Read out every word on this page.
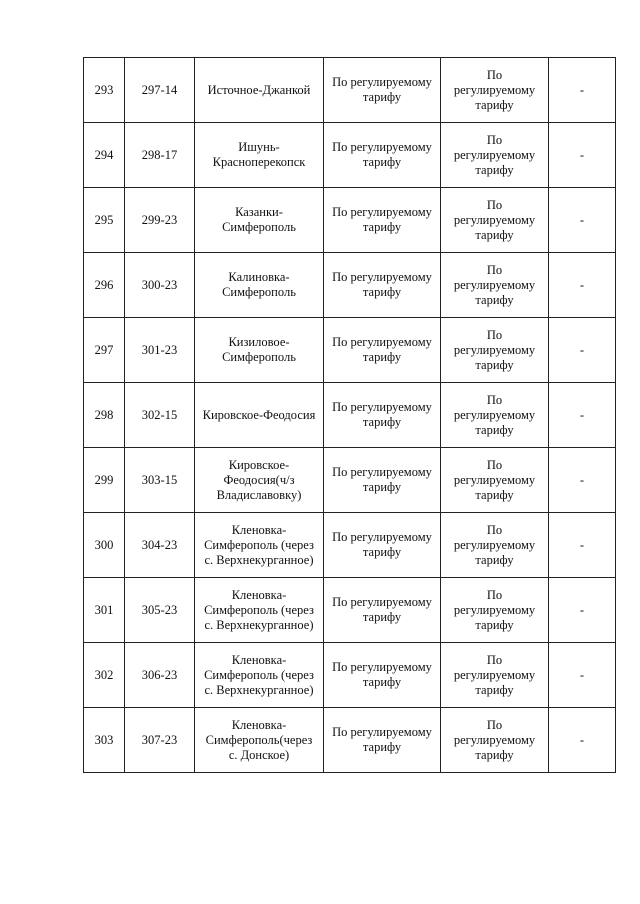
293	297-14	Источное-Джанкой	По регулируемому
тарифу	По
регулируемому
тарифу	-
294	298-17	Ишунь-
Красноперекопск	По регулируемому
тарифу	По
регулируемому
тарифу	-
295	299-23	Казанки-
Симферополь	По регулируемому
тарифу	По
регулируемому
тарифу	-
296	300-23	Калиновка-
Симферополь	По регулируемому
тарифу	По
регулируемому
тарифу	-
297	301-23	Кизиловое-
Симферополь	По регулируемому
тарифу	По
регулируемому
тарифу	-
298	302-15	Кировское-Феодосия	По регулируемому
тарифу	По
регулируемому
тарифу	-
299	303-15	Кировское-
Феодосия(ч/з
Владиславовку)	По регулируемому
тарифу	По
регулируемому
тарифу	-
300	304-23	Кленовка-
Симферополь (через
с. Верхнекурганное)	По регулируемому
тарифу	По
регулируемому
тарифу	-
301	305-23	Кленовка-
Симферополь (через
с. Верхнекурганное)	По регулируемому
тарифу	По
регулируемому
тарифу	-
302	306-23	Кленовка-
Симферополь (через
с. Верхнекурганное)	По регулируемому
тарифу	По
регулируемому
тарифу	-
303	307-23	Кленовка-
Симферополь(через
с. Донское)	По регулируемому
тарифу	По
регулируемому
тарифу	-
